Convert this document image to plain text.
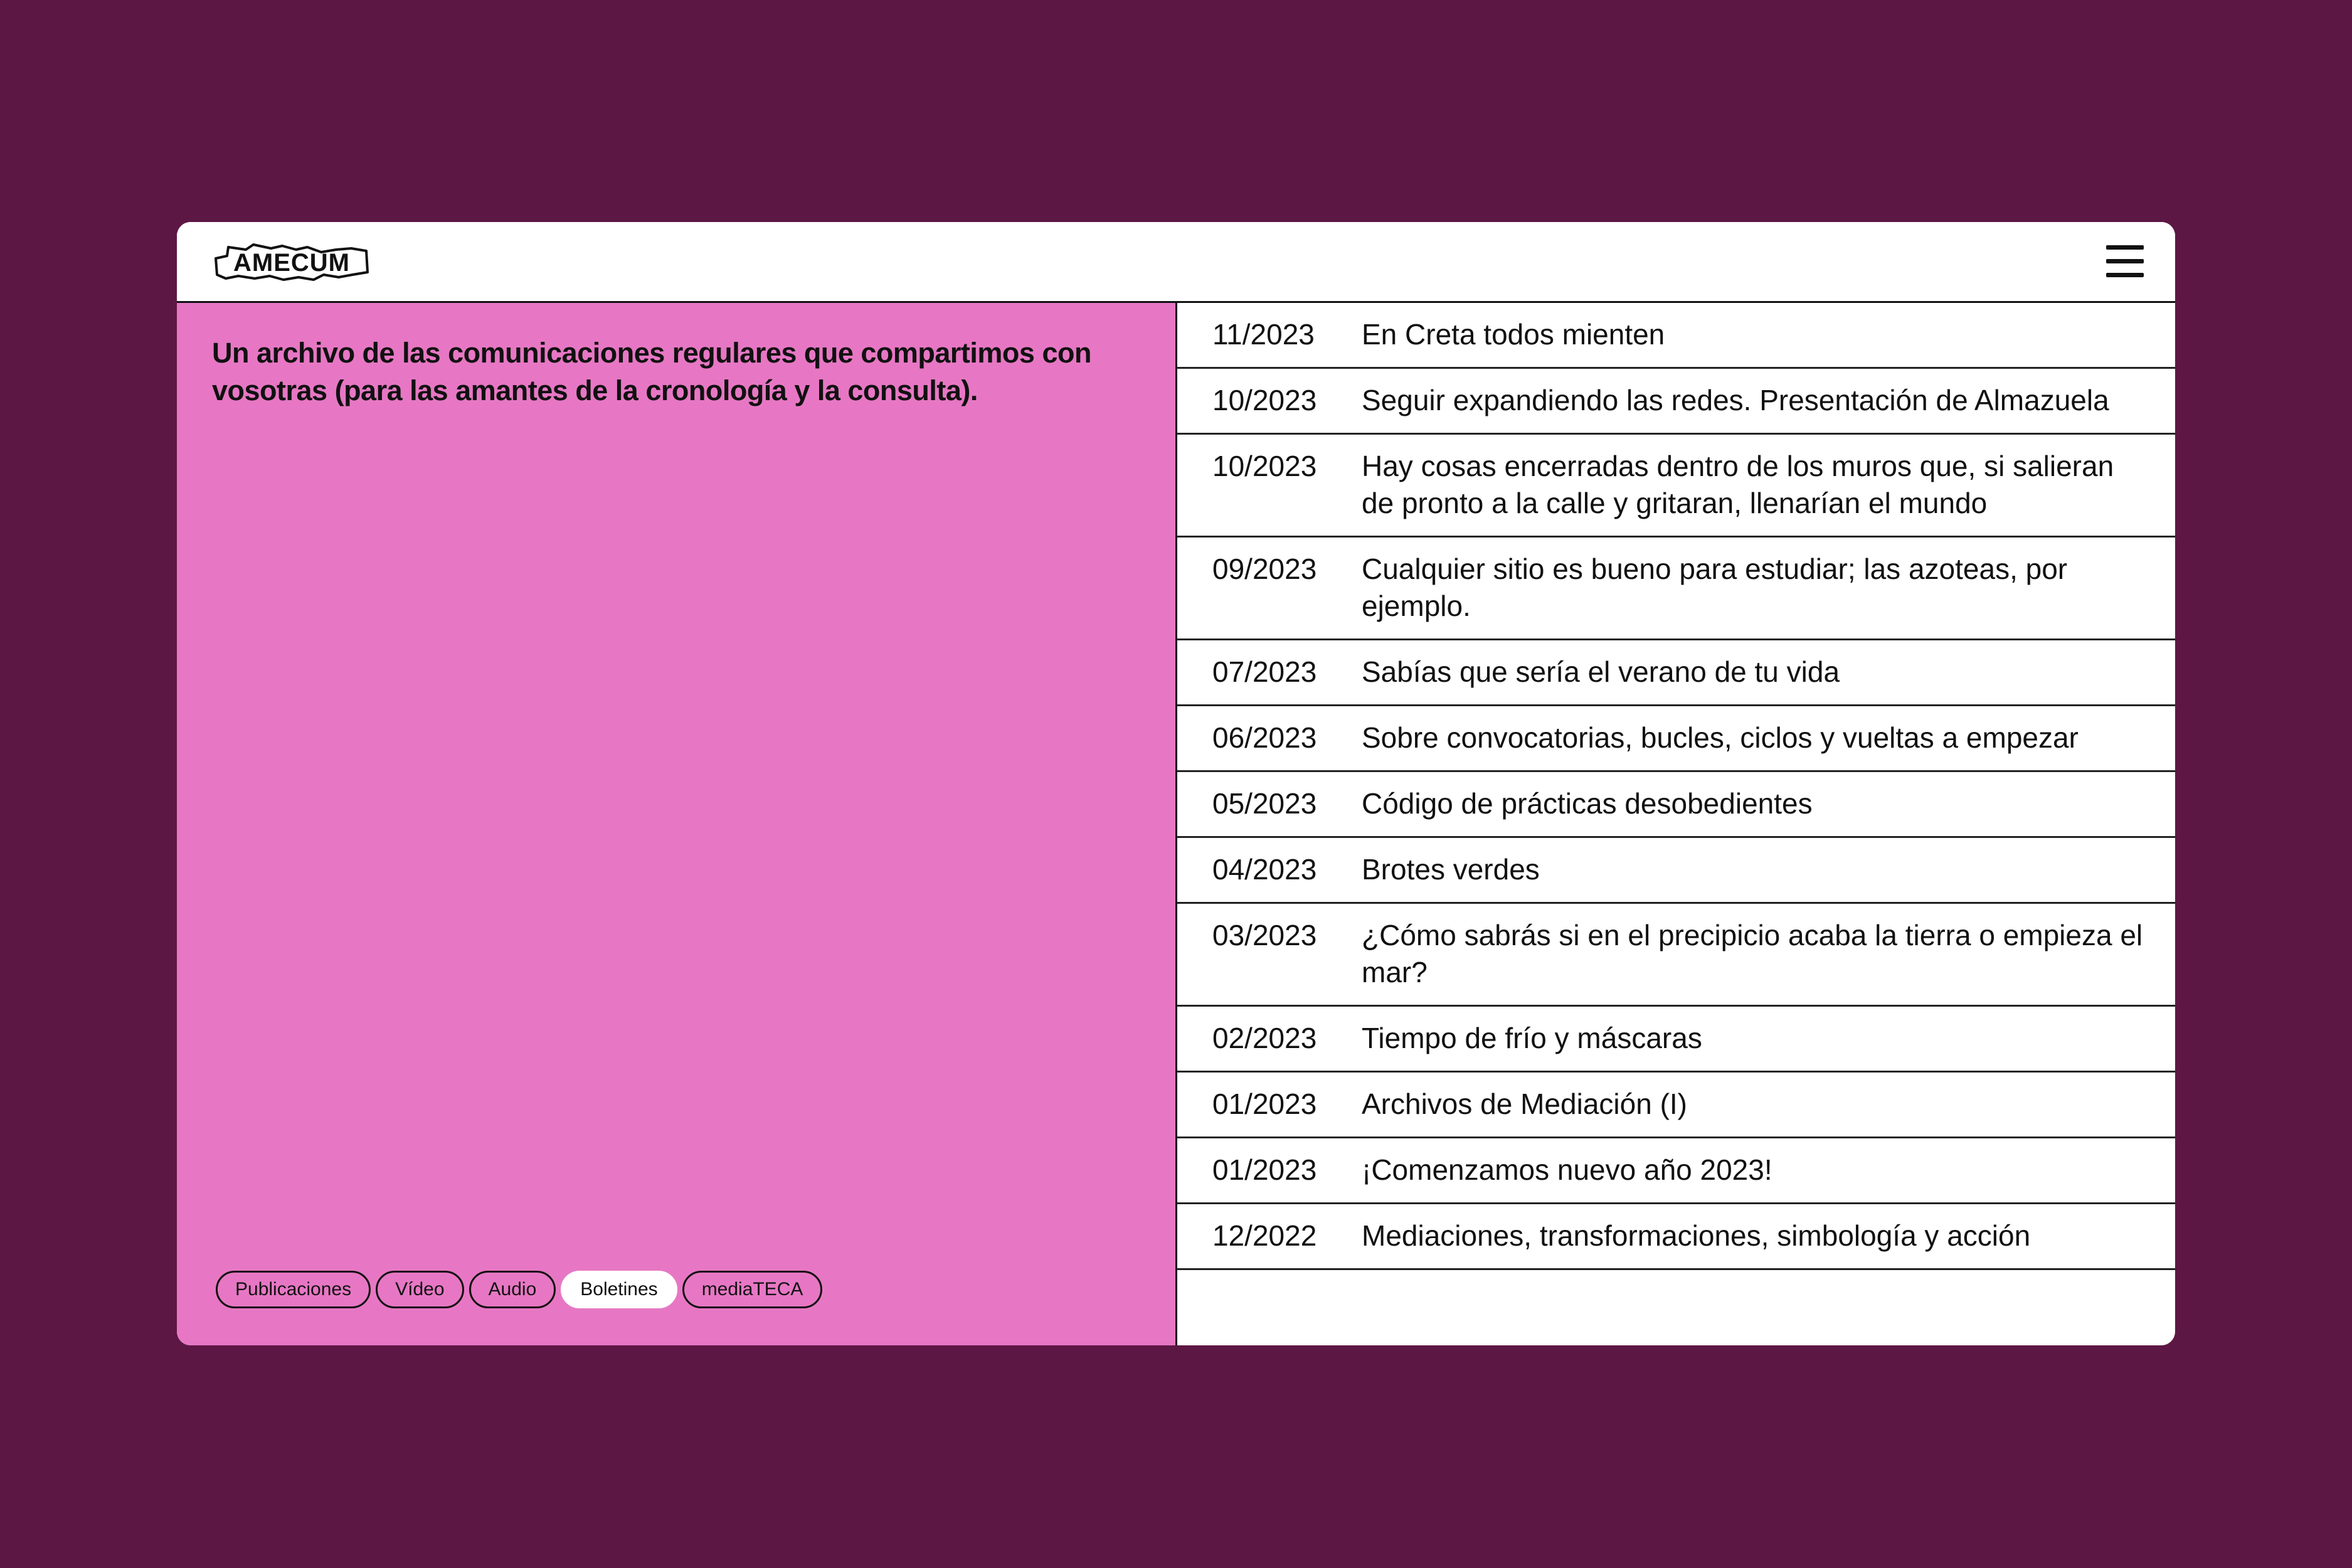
AMECUM
Un archivo de las comunicaciones regulares que compartimos con vosotras (para las amantes de la cronología y la consulta).
Publicaciones	Vídeo	Audio	Boletines	mediaTECA
11/2023	En Creta todos mienten
10/2023	Seguir expandiendo las redes. Presentación de Almazuela
10/2023	Hay cosas encerradas dentro de los muros que, si salieran de pronto a la calle y gritaran, llenarían el mundo
09/2023	Cualquier sitio es bueno para estudiar; las azoteas, por ejemplo.
07/2023	Sabías que sería el verano de tu vida
06/2023	Sobre convocatorias, bucles, ciclos y vueltas a empezar
05/2023	Código de prácticas desobedientes
04/2023	Brotes verdes
03/2023	¿Cómo sabrás si en el precipicio acaba la tierra o empieza el mar?
02/2023	Tiempo de frío y máscaras
01/2023	Archivos de Mediación (I)
01/2023	¡Comenzamos nuevo año 2023!
12/2022	Mediaciones, transformaciones, simbología y acción
